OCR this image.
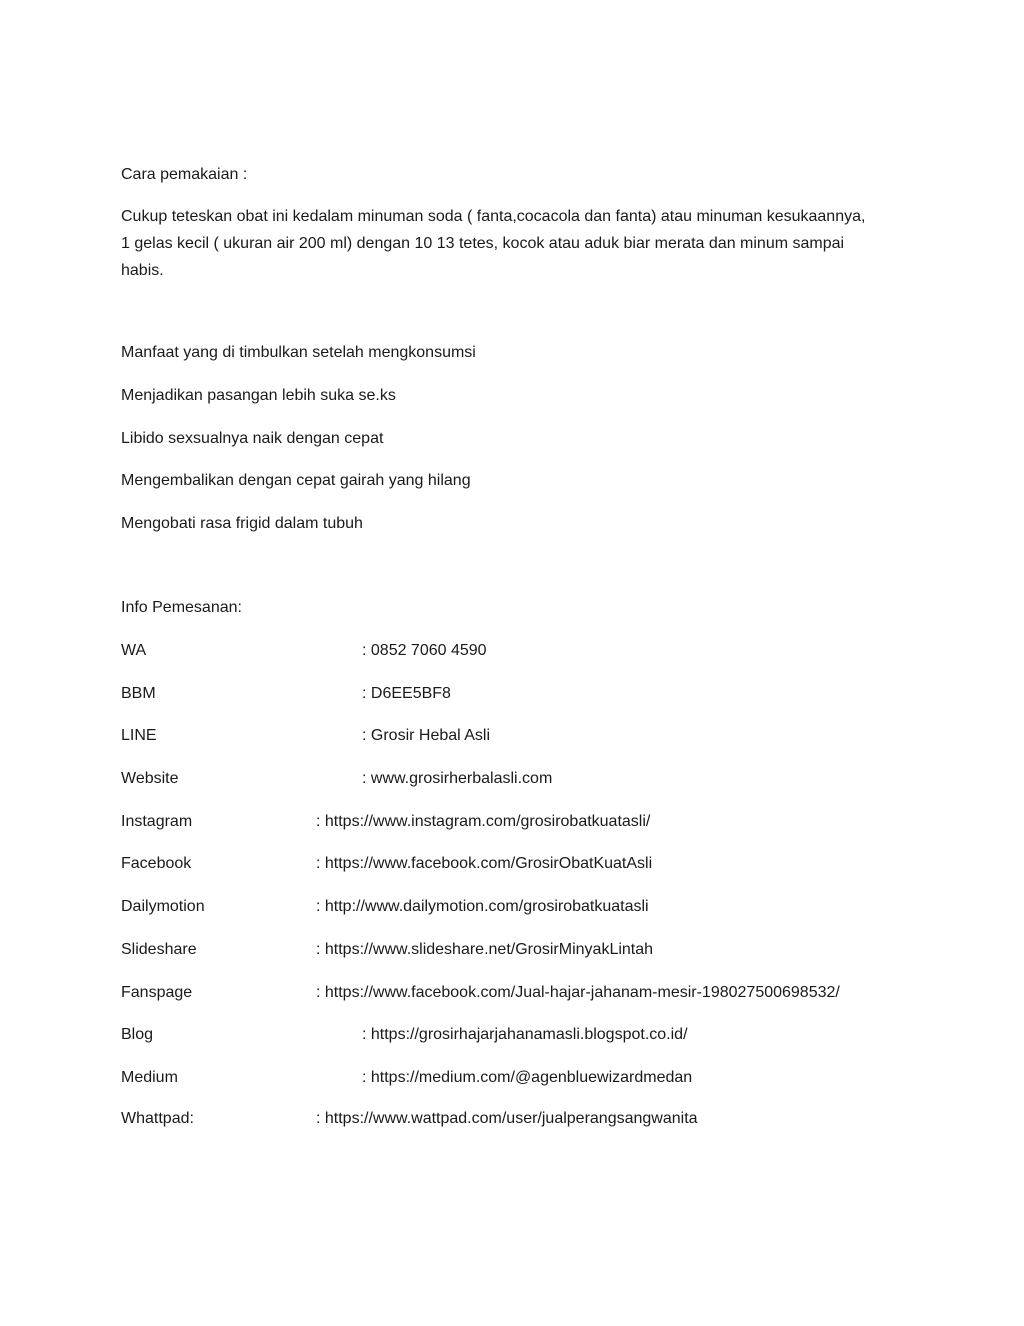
Cara pemakaian :
Cukup teteskan obat ini kedalam minuman soda ( fanta,cocacola dan fanta) atau minuman kesukaannya,
1 gelas kecil ( ukuran air 200 ml) dengan 10 13 tetes, kocok atau aduk biar merata dan minum sampai
habis.
Manfaat yang di timbulkan setelah mengkonsumsi
Menjadikan pasangan lebih suka se.ks
Libido sexsualnya naik dengan cepat
Mengembalikan dengan cepat gairah yang hilang
Mengobati rasa frigid dalam tubuh
Info Pemesanan:
WA	: 0852 7060 4590
BBM	: D6EE5BF8
LINE	: Grosir Hebal Asli
Website	: www.grosirherbalasli.com
Instagram	: https://www.instagram.com/grosirobatkuatasli/
Facebook	: https://www.facebook.com/GrosirObatKuatAsli
Dailymotion	: http://www.dailymotion.com/grosirobatkuatasli
Slideshare	: https://www.slideshare.net/GrosirMinyakLintah
Fanspage	: https://www.facebook.com/Jual-hajar-jahanam-mesir-198027500698532/
Blog	: https://grosirhajarjahanamasli.blogspot.co.id/
Medium	: https://medium.com/@agenbluewizardmedan
Whattpad:	: https://www.wattpad.com/user/jualperangsangwanita
